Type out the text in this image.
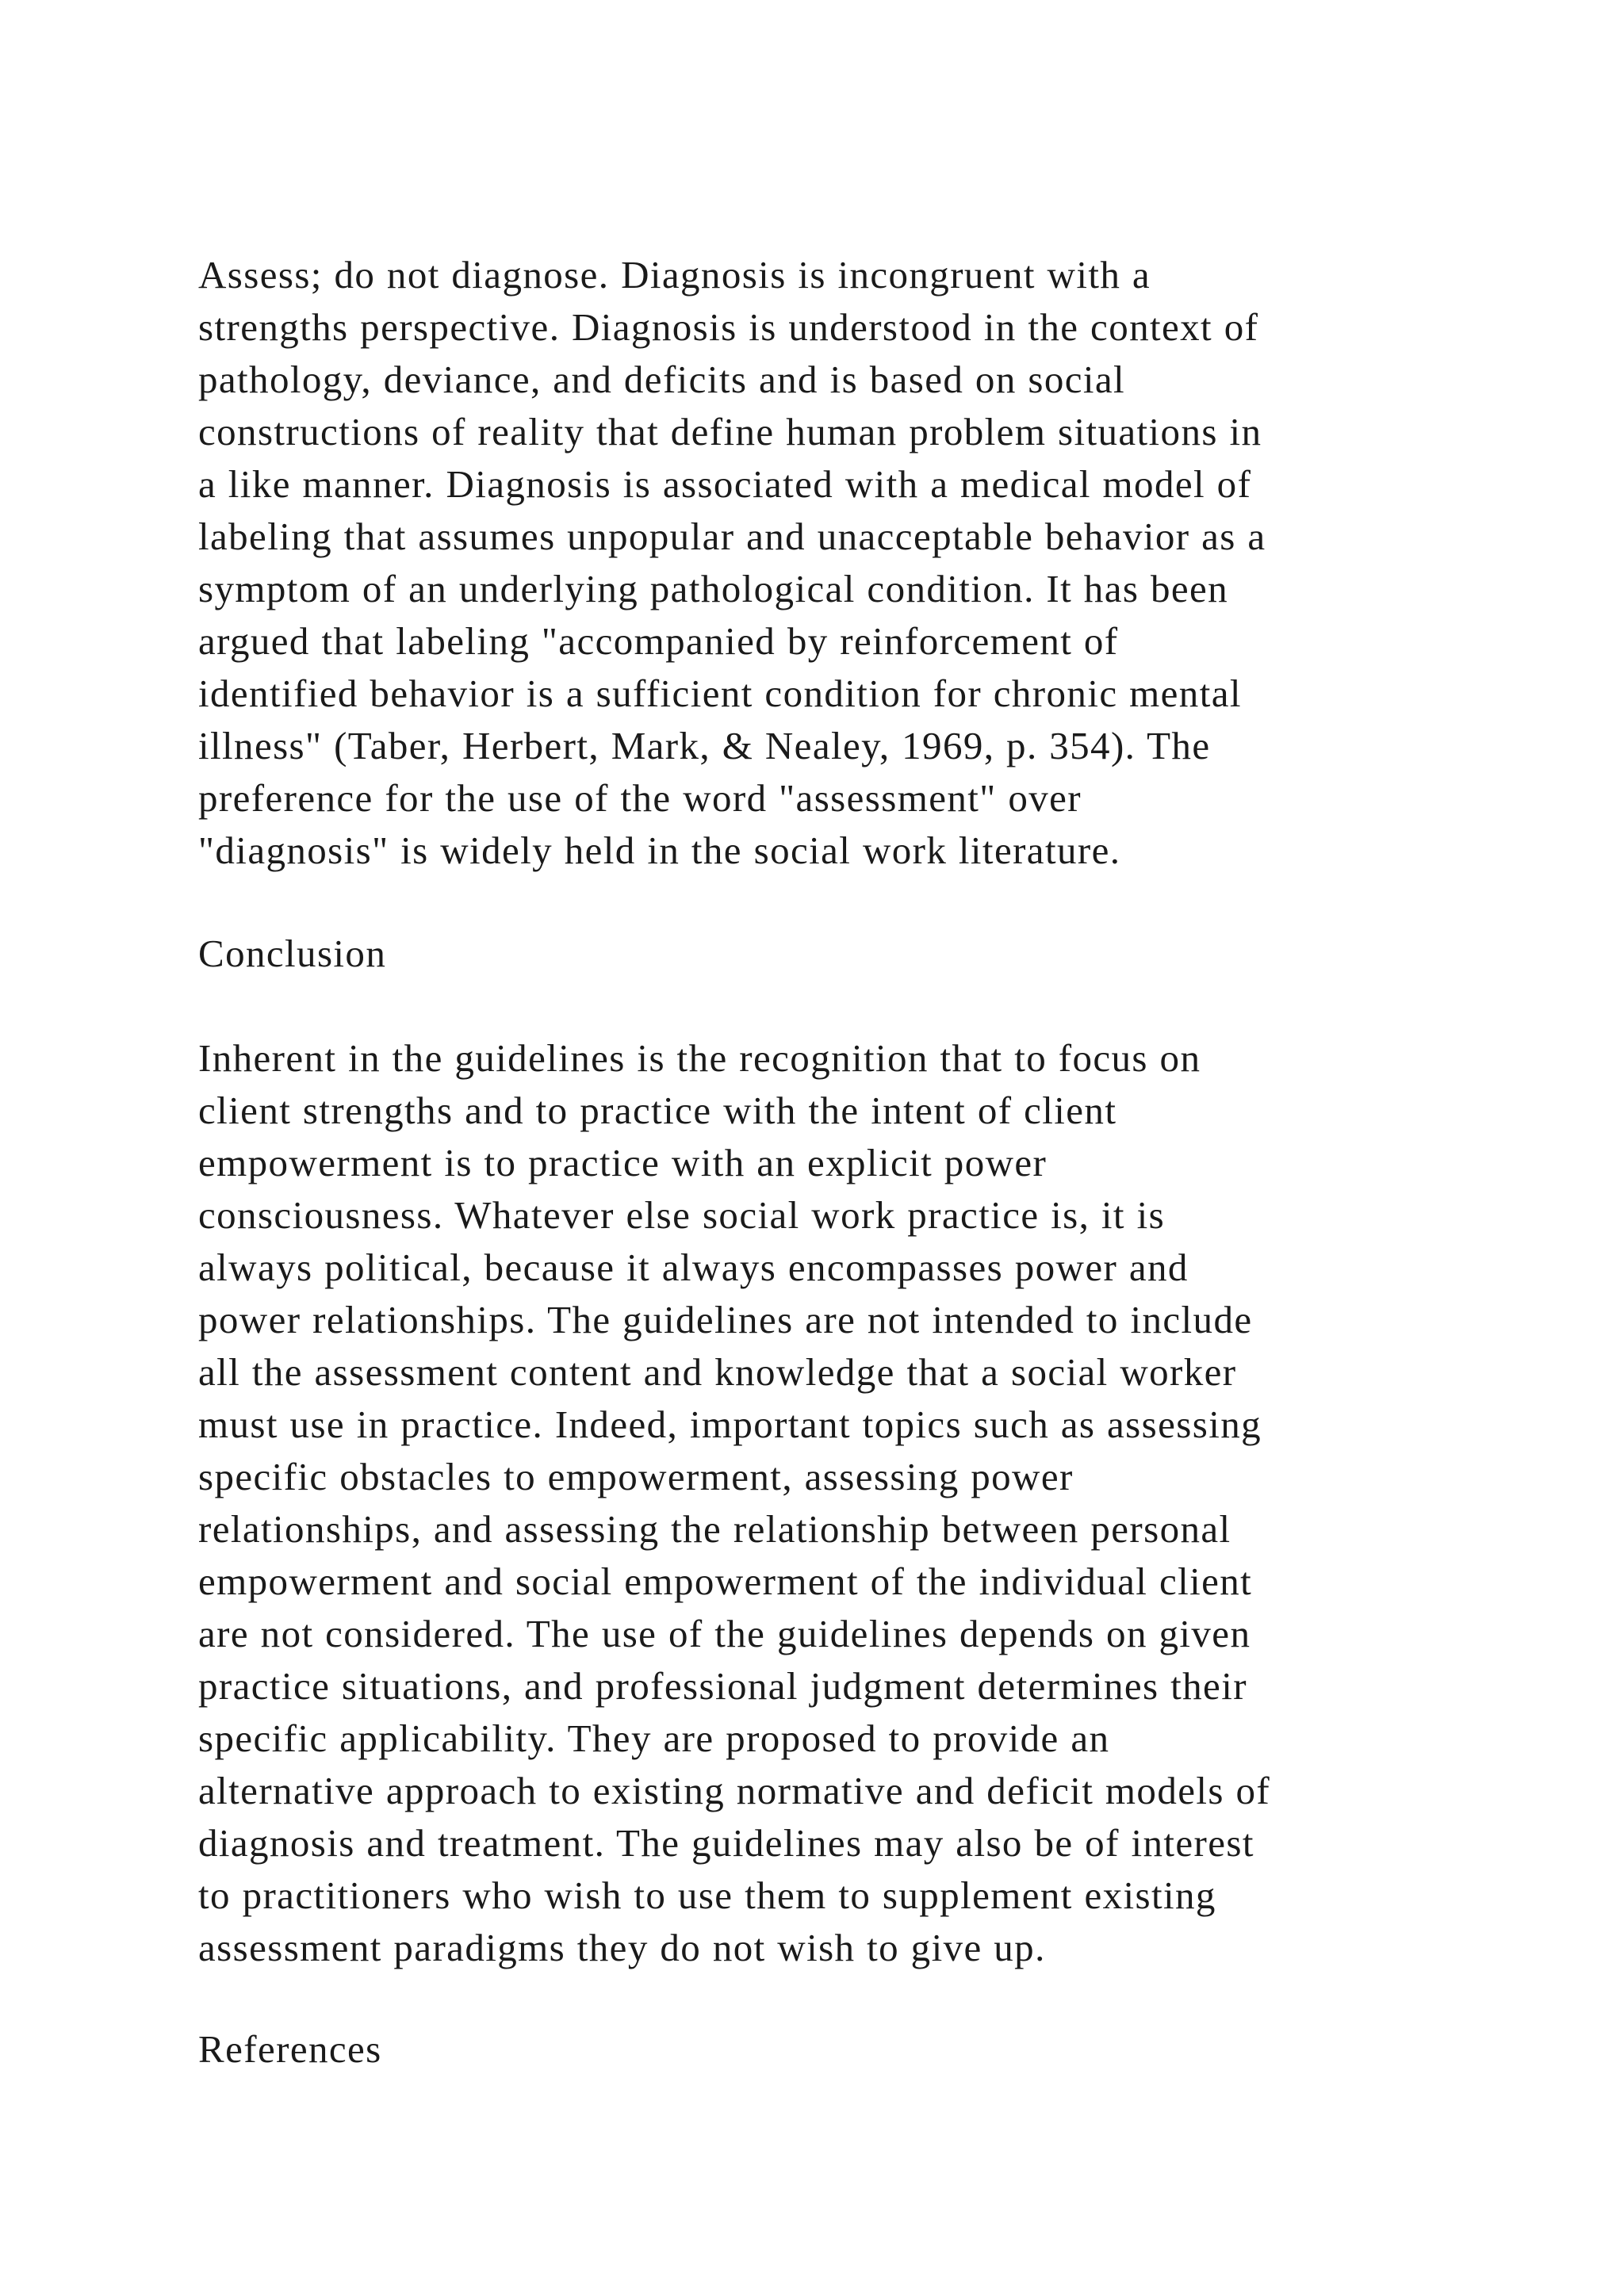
Assess; do not diagnose. Diagnosis is incongruent with a
strengths perspective. Diagnosis is understood in the context of
pathology, deviance, and deficits and is based on social
constructions of reality that define human problem situations in
a like manner. Diagnosis is associated with a medical model of
labeling that assumes unpopular and unacceptable behavior as a
symptom of an underlying pathological condition. It has been
argued that labeling "accompanied by reinforcement of
identified behavior is a sufficient condition for chronic mental
illness" (Taber, Herbert, Mark, & Nealey, 1969, p. 354). The
preference for the use of the word "assessment" over
"diagnosis" is widely held in the social work literature.
Conclusion
Inherent in the guidelines is the recognition that to focus on
client strengths and to practice with the intent of client
empowerment is to practice with an explicit power
consciousness. Whatever else social work practice is, it is
always political, because it always encompasses power and
power relationships. The guidelines are not intended to include
all the assessment content and knowledge that a social worker
must use in practice. Indeed, important topics such as assessing
specific obstacles to empowerment, assessing power
relationships, and assessing the relationship between personal
empowerment and social empowerment of the individual client
are not considered. The use of the guidelines depends on given
practice situations, and professional judgment determines their
specific applicability. They are proposed to provide an
alternative approach to existing normative and deficit models of
diagnosis and treatment. The guidelines may also be of interest
to practitioners who wish to use them to supplement existing
assessment paradigms they do not wish to give up.
References
